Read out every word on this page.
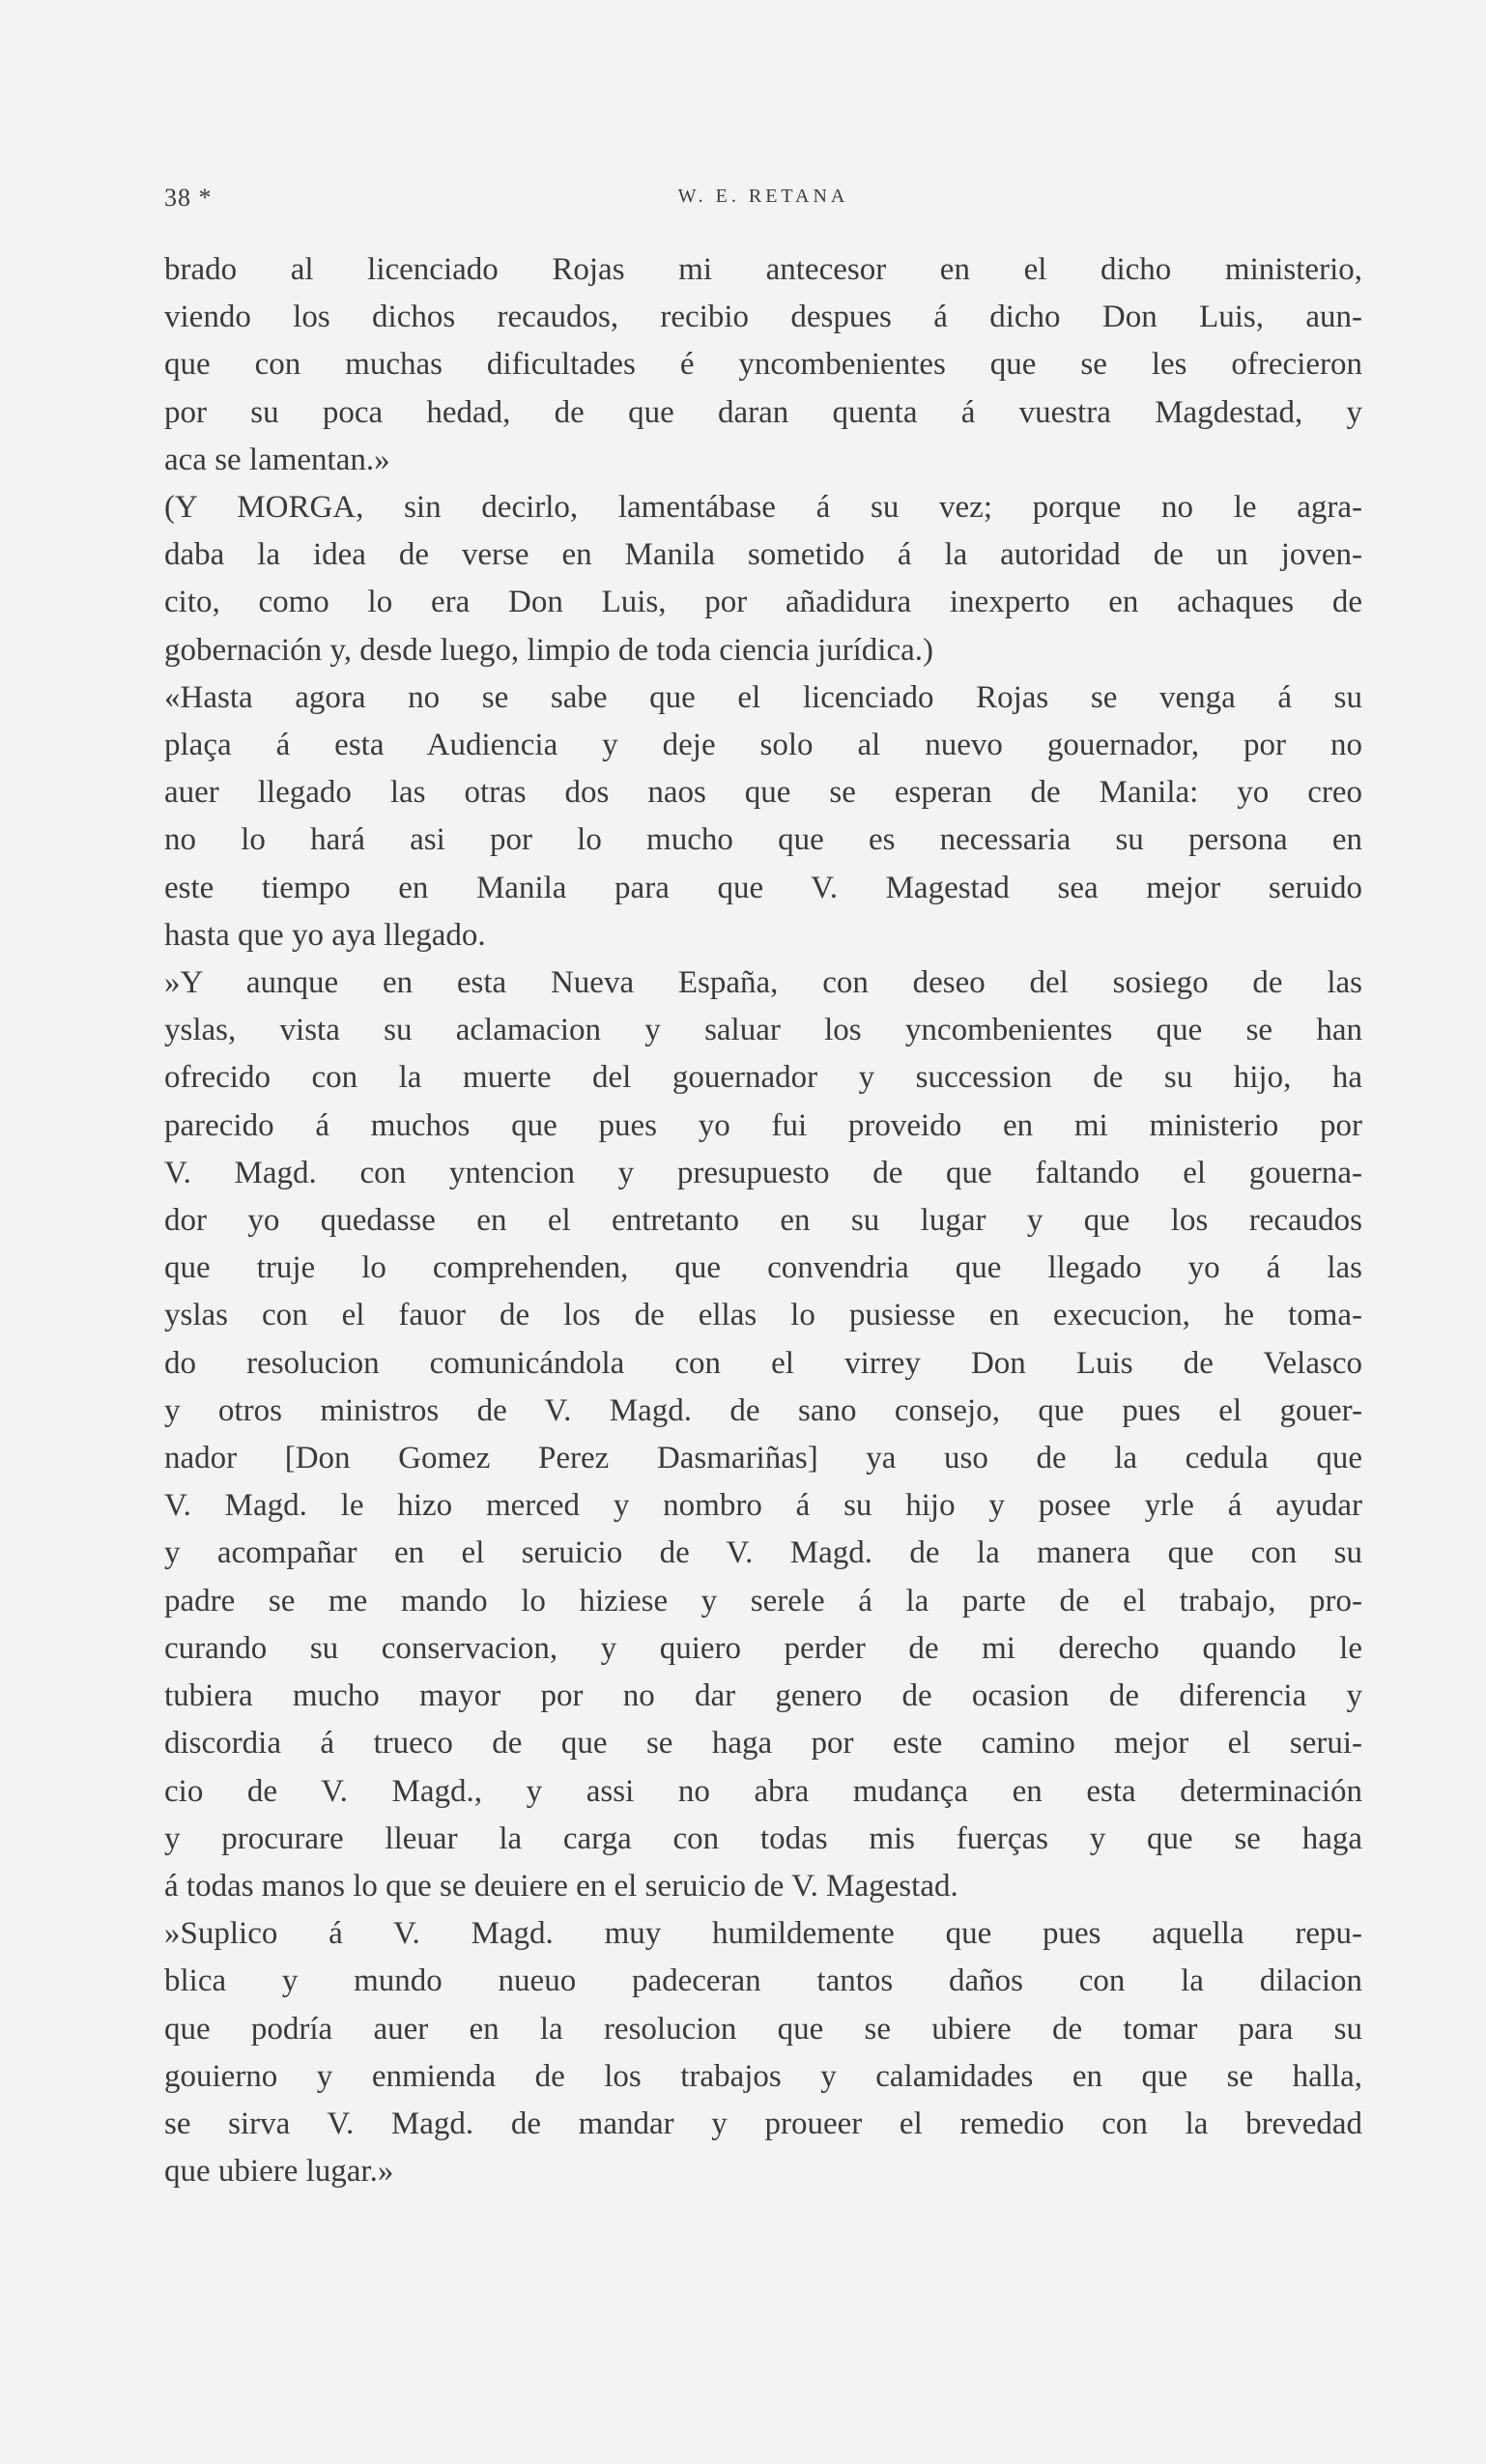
38 *	W. E. RETANA
brado al licenciado Rojas mi antecesor en el dicho ministerio,
viendo los dichos recaudos, recibio despues á dicho Don Luis, aun-
que con muchas dificultades é yncombenientes que se les ofrecieron
por su poca hedad, de que daran quenta á vuestra Magdestad, y
aca se lamentan.»
(Y MORGA, sin decirlo, lamentábase á su vez; porque no le agra-
daba la idea de verse en Manila sometido á la autoridad de un joven-
cito, como lo era Don Luis, por añadidura inexperto en achaques de
gobernación y, desde luego, limpio de toda ciencia jurídica.)
«Hasta agora no se sabe que el licenciado Rojas se venga á su
plaça á esta Audiencia y deje solo al nuevo gouernador, por no
auer llegado las otras dos naos que se esperan de Manila: yo creo
no lo hará asi por lo mucho que es necessaria su persona en
este tiempo en Manila para que V. Magestad sea mejor seruido
hasta que yo aya llegado.
»Y aunque en esta Nueva España, con deseo del sosiego de las
yslas, vista su aclamacion y saluar los yncombenientes que se han
ofrecido con la muerte del gouernador y succession de su hijo, ha
parecido á muchos que pues yo fui proveido en mi ministerio por
V. Magd. con yntencion y presupuesto de que faltando el gouerna-
dor yo quedasse en el entretanto en su lugar y que los recaudos
que truje lo comprehenden, que convendria que llegado yo á las
yslas con el fauor de los de ellas lo pusiesse en execucion, he toma-
do resolucion comunicándola con el virrey Don Luis de Velasco
y otros ministros de V. Magd. de sano consejo, que pues el gouer-
nador [Don Gomez Perez Dasmariñas] ya uso de la cedula que
V. Magd. le hizo merced y nombro á su hijo y posee yrle á ayudar
y acompañar en el seruicio de V. Magd. de la manera que con su
padre se me mando lo hiziese y serele á la parte de el trabajo, pro-
curando su conservacion, y quiero perder de mi derecho quando le
tubiera mucho mayor por no dar genero de ocasion de diferencia y
discordia á trueco de que se haga por este camino mejor el serui-
cio de V. Magd., y assi no abra mudança en esta determinación
y procurare lleuar la carga con todas mis fuerças y que se haga
á todas manos lo que se deuiere en el seruicio de V. Magestad.
»Suplico á V. Magd. muy humildemente que pues aquella repu-
blica y mundo nueuo padeceran tantos daños con la dilacion
que podría auer en la resolucion que se ubiere de tomar para su
gouierno y enmienda de los trabajos y calamidades en que se halla,
se sirva V. Magd. de mandar y proueer el remedio con la brevedad
que ubiere lugar.»
